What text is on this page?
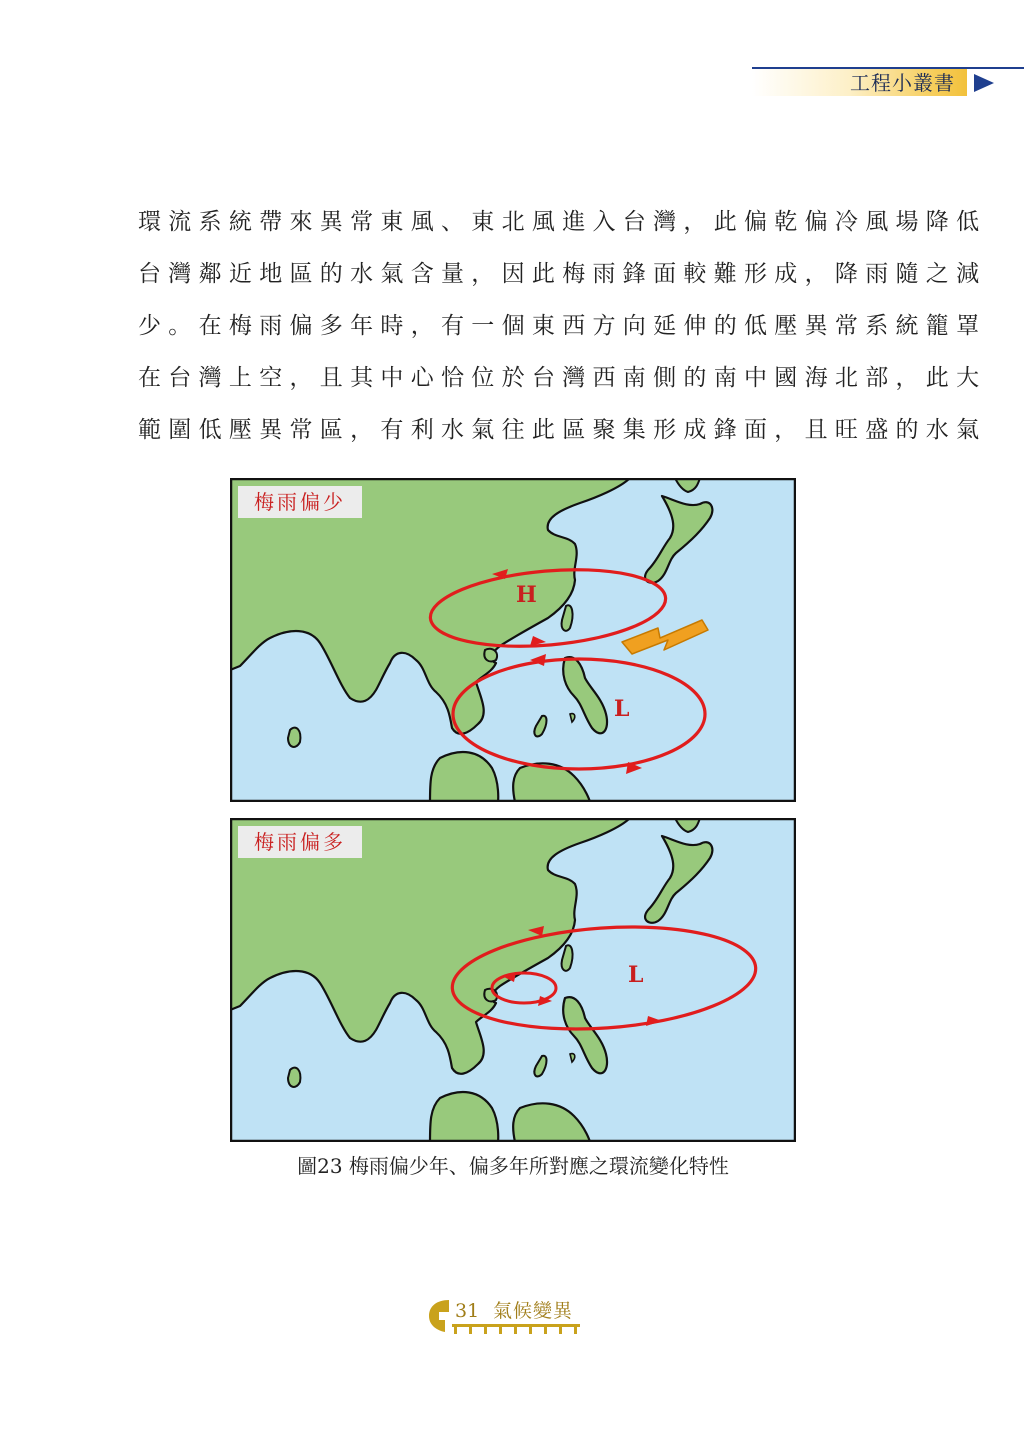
工程小叢書
環流系統帶來異常東風、東北風進入台灣，此偏乾偏冷風場降低
台灣鄰近地區的水氣含量，因此梅雨鋒面較難形成，降雨隨之減
少。在梅雨偏多年時，有一個東西方向延伸的低壓異常系統籠罩
在台灣上空，且其中心恰位於台灣西南側的南中國海北部，此大
範圍低壓異常區，有利水氣往此區聚集形成鋒面，且旺盛的水氣
H
L
梅雨偏少
L
梅雨偏多
圖23 梅雨偏少年、偏多年所對應之環流變化特性
31 氣候變異
